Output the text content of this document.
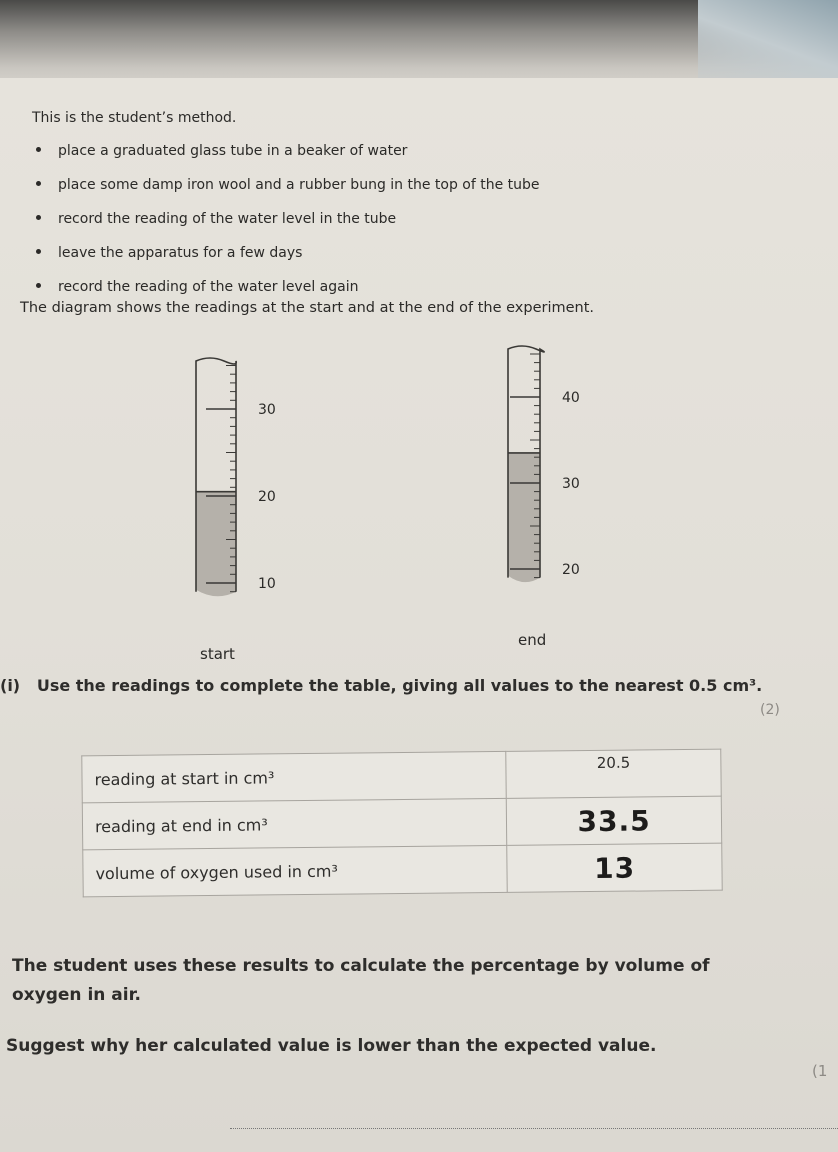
This is the student’s method.
place a graduated glass tube in a beaker of water
place some damp iron wool and a rubber bung in the top of the tube
record the reading of the water level in the tube
leave the apparatus for a few days
record the reading of the water level again
The diagram shows the readings at the start and at the end of the experiment.
30
20
10
start
40
30
20
end
(i) Use the readings to complete the table, giving all values to the nearest 0.5 cm³.
(2)
reading at start in cm³	20.5
reading at end in cm³	33.5
volume of oxygen used in cm³	13
The student uses these results to calculate the percentage by volume of oxygen in air.
Suggest why her calculated value is lower than the expected value.
(1
